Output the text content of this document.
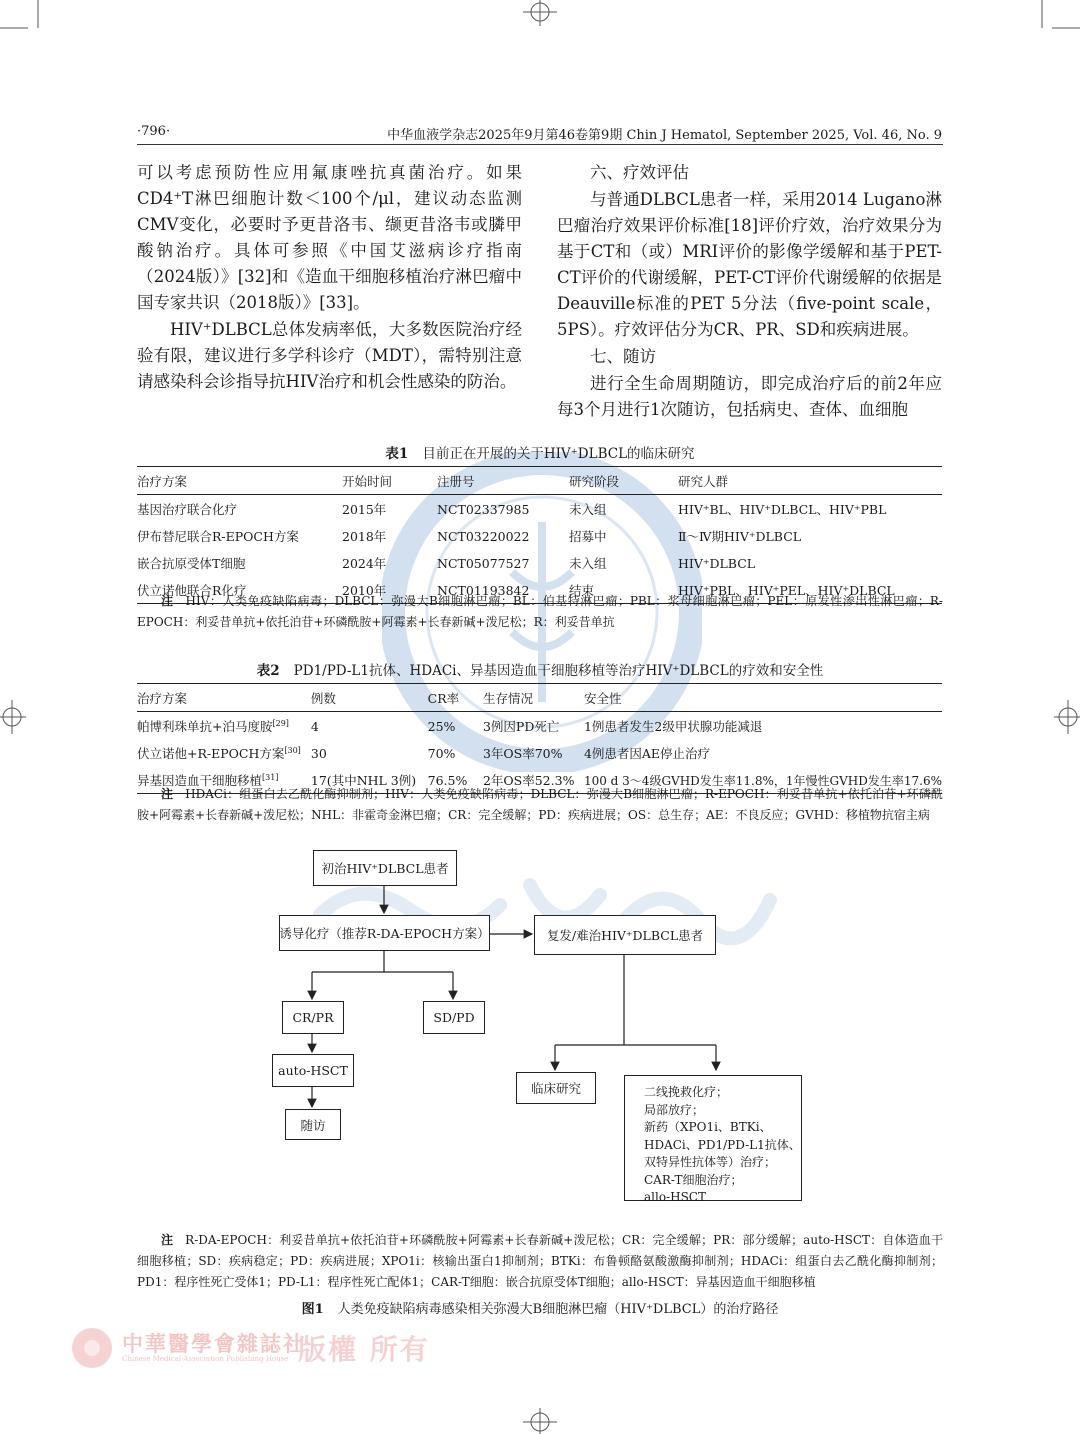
·796·	中华血液学杂志2025年9月第46卷第9期 Chin J Hematol, September 2025, Vol. 46, No. 9

可以考虑预防性应用氟康唑抗真菌治疗。如果CD4⁺T淋巴细胞计数＜100个/μl，建议动态监测CMV变化，必要时予更昔洛韦、缬更昔洛韦或膦甲酸钠治疗。具体可参照《中国艾滋病诊疗指南（2024版）》[32]和《造血干细胞移植治疗淋巴瘤中国专家共识（2018版）》[33]。

HIV⁺DLBCL总体发病率低，大多数医院治疗经验有限，建议进行多学科诊疗（MDT），需特别注意请感染科会诊指导抗HIV治疗和机会性感染的防治。

六、疗效评估

与普通DLBCL患者一样，采用2014 Lugano淋巴瘤治疗效果评价标准[18]评价疗效，治疗效果分为基于CT和（或）MRI评价的影像学缓解和基于PET-CT评价的代谢缓解，PET-CT评价代谢缓解的依据是Deauville标准的PET 5分法（five-point scale，5PS）。疗效评估分为CR、PR、SD和疾病进展。

七、随访

进行全生命周期随访，即完成治疗后的前2年应每3个月进行1次随访，包括病史、查体、血细胞

表1 目前正在开展的关于HIV⁺DLBCL的临床研究
治疗方案	开始时间	注册号	研究阶段	研究人群
基因治疗联合化疗	2015年	NCT02337985	未入组	HIV⁺BL、HIV⁺DLBCL、HIV⁺PBL
伊布替尼联合R-EPOCH方案	2018年	NCT03220022	招募中	Ⅱ～Ⅳ期HIV⁺DLBCL
嵌合抗原受体T细胞	2024年	NCT05077527	未入组	HIV⁺DLBCL
伏立诺他联合R化疗	2010年	NCT01193842	结束	HIV⁺PBL、HIV⁺PEL、HIV⁺DLBCL
注 HIV：人类免疫缺陷病毒；DLBCL：弥漫大B细胞淋巴瘤；BL：伯基特淋巴瘤；PBL：浆母细胞淋巴瘤；PEL：原发性渗出性淋巴瘤；R-EPOCH：利妥昔单抗+依托泊苷+环磷酰胺+阿霉素+长春新碱+泼尼松；R：利妥昔单抗
表2 PD1/PD-L1抗体、HDACi、异基因造血干细胞移植等治疗HIV⁺DLBCL的疗效和安全性
治疗方案	例数	CR率	生存情况	安全性
帕博利珠单抗+泊马度胺[29]	4	25%	3例因PD死亡	1例患者发生2级甲状腺功能减退
伏立诺他+R-EPOCH方案[30]	30	70%	3年OS率70%	4例患者因AE停止治疗
异基因造血干细胞移植[31]	17(其中NHL 3例)	76.5%	2年OS率52.3%	100 d 3～4级GVHD发生率11.8%，1年慢性GVHD发生率17.6%
注 HDACi：组蛋白去乙酰化酶抑制剂；HIV：人类免疫缺陷病毒；DLBCL：弥漫大B细胞淋巴瘤；R-EPOCH：利妥昔单抗+依托泊苷+环磷酰胺+阿霉素+长春新碱+泼尼松；NHL：非霍奇金淋巴瘤；CR：完全缓解；PD：疾病进展；OS：总生存；AE：不良反应；GVHD：移植物抗宿主病
初治HIV⁺DLBCL患者
诱导化疗（推荐R-DA-EPOCH方案）	复发/难治HIV⁺DLBCL患者
CR/PR	SD/PD
auto-HSCT
随访
临床研究	二线挽救化疗；
局部放疗；
新药（XPO1i、BTKi、
HDACi、PD1/PD-L1抗体、
双特异性抗体等）治疗；
CAR-T细胞治疗；
allo-HSCT
注 R-DA-EPOCH：利妥昔单抗+依托泊苷+环磷酰胺+阿霉素+长春新碱+泼尼松；CR：完全缓解；PR：部分缓解；auto-HSCT：自体造血干细胞移植；SD：疾病稳定；PD：疾病进展；XPO1i：核输出蛋白1抑制剂；BTKi：布鲁顿酪氨酸激酶抑制剂；HDACi：组蛋白去乙酰化酶抑制剂；PD1：程序性死亡受体1；PD-L1：程序性死亡配体1；CAR-T细胞：嵌合抗原受体T细胞；allo-HSCT：异基因造血干细胞移植
图1 人类免疫缺陷病毒感染相关弥漫大B细胞淋巴瘤（HIV⁺DLBCL）的治疗路径
中華醫學會雜誌社
Chinese Medical Association Publishing House 版權 所有
